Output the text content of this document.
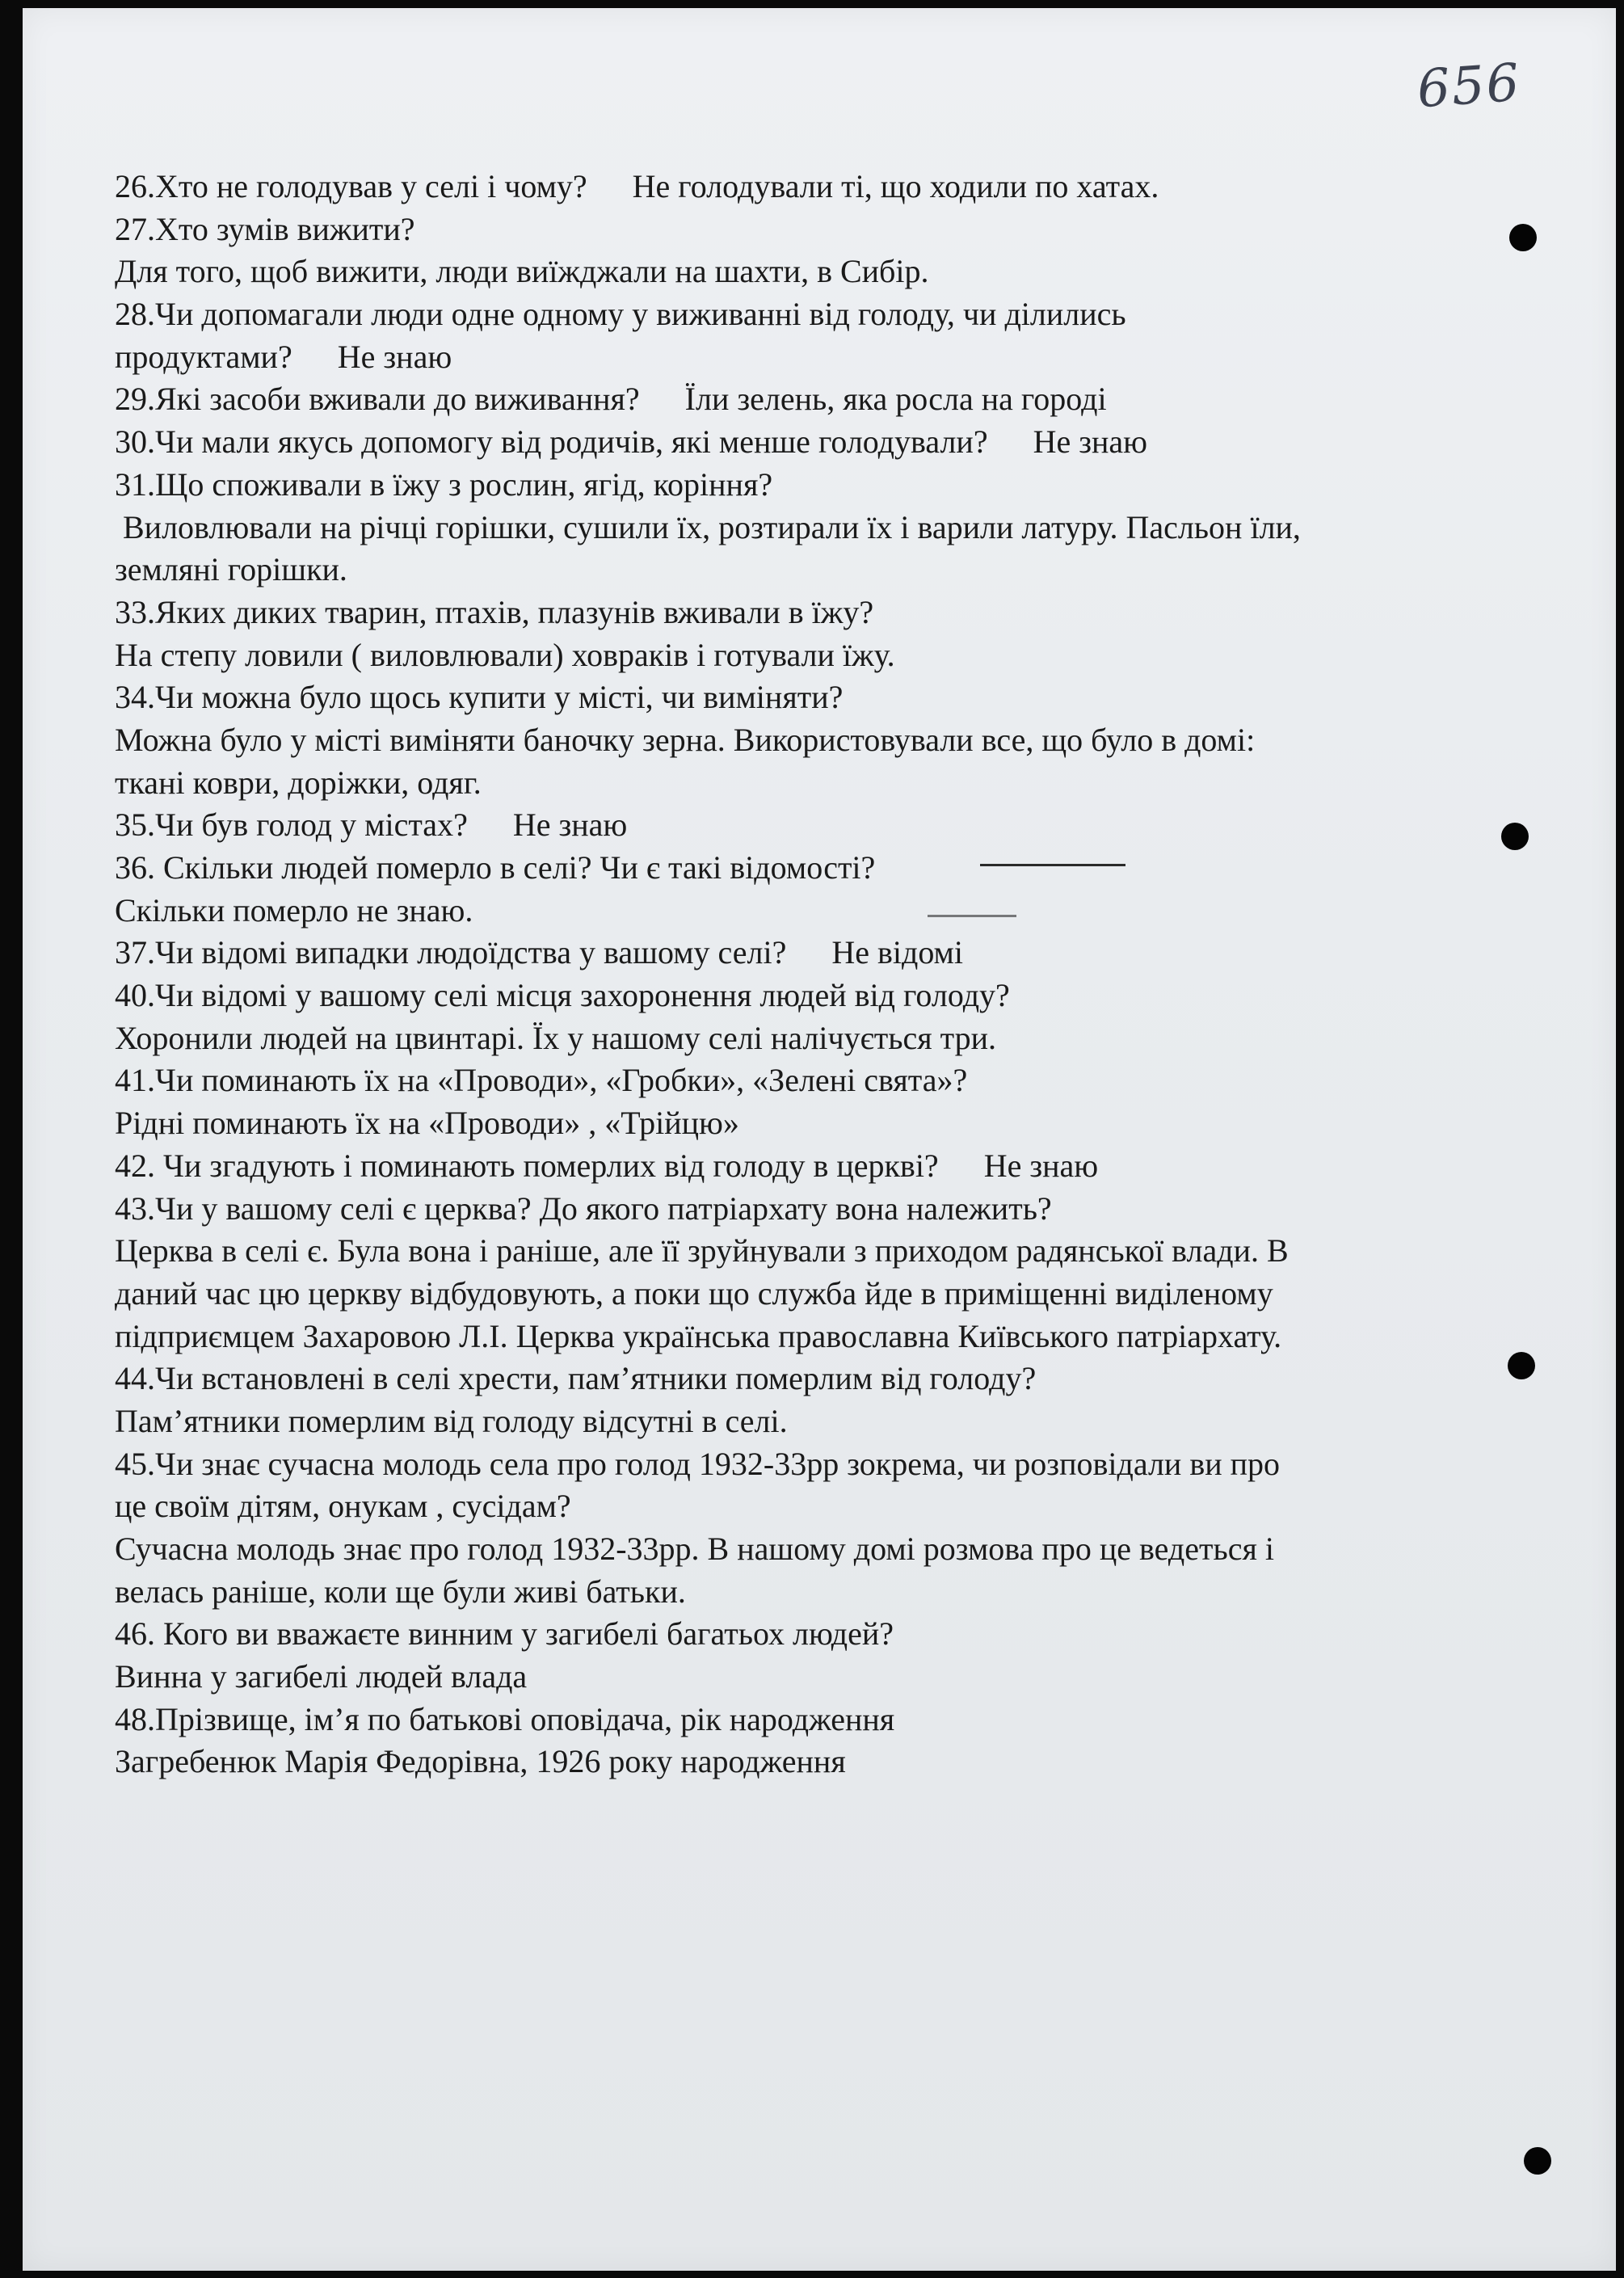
656
26.Хто не голодував у селі і чому? Не голодували ті, що ходили по хатах.
27.Хто зумів вижити?
Для того, щоб вижити, люди виїжджали на шахти, в Сибір.
28.Чи допомагали люди одне одному у виживанні від голоду, чи ділились
продуктами? Не знаю
29.Які засоби вживали до виживання? Їли зелень, яка росла на городі
30.Чи мали якусь допомогу від родичів, які менше голодували? Не знаю
31.Що споживали в їжу з рослин, ягід, коріння?
Виловлювали на річці горішки, сушили їх, розтирали їх і варили латуру. Пасльон їли,
земляні горішки.
33.Яких диких тварин, птахів, плазунів вживали в їжу?
На степу ловили ( виловлювали) ховраків і готували їжу.
34.Чи можна було щось купити у місті, чи виміняти?
Можна було у місті виміняти баночку зерна. Використовували все, що було в домі:
ткані коври, доріжки, одяг.
35.Чи був голод у містах? Не знаю
36. Скільки людей померло в селі? Чи є такі відомості?
Скільки померло не знаю.
37.Чи відомі випадки людоїдства у вашому селі? Не відомі
40.Чи відомі у вашому селі місця захоронення людей від голоду?
Хоронили людей на цвинтарі. Їх у нашому селі налічується три.
41.Чи поминають їх на «Проводи», «Гробки», «Зелені свята»?
Рідні поминають їх на «Проводи» , «Трійцю»
42. Чи згадують і поминають померлих від голоду в церкві? Не знаю
43.Чи у вашому селі є церква? До якого патріархату вона належить?
Церква в селі є. Була вона і раніше, але її зруйнували з приходом радянської влади. В
даний час цю церкву відбудовують, а поки що служба йде в приміщенні виділеному
підприємцем Захаровою Л.І. Церква українська православна Київського патріархату.
44.Чи встановлені в селі хрести, пам’ятники померлим від голоду?
Пам’ятники померлим від голоду відсутні в селі.
45.Чи знає сучасна молодь села про голод 1932-33рр зокрема, чи розповідали ви про
це своїм дітям, онукам , сусідам?
Сучасна молодь знає про голод 1932-33рр. В нашому домі розмова про це ведеться і
велась раніше, коли ще були живі батьки.
46. Кого ви вважаєте винним у загибелі багатьох людей?
Винна у загибелі людей влада
48.Прізвище, ім’я по батькові оповідача, рік народження
Загребенюк Марія Федорівна, 1926 року народження
